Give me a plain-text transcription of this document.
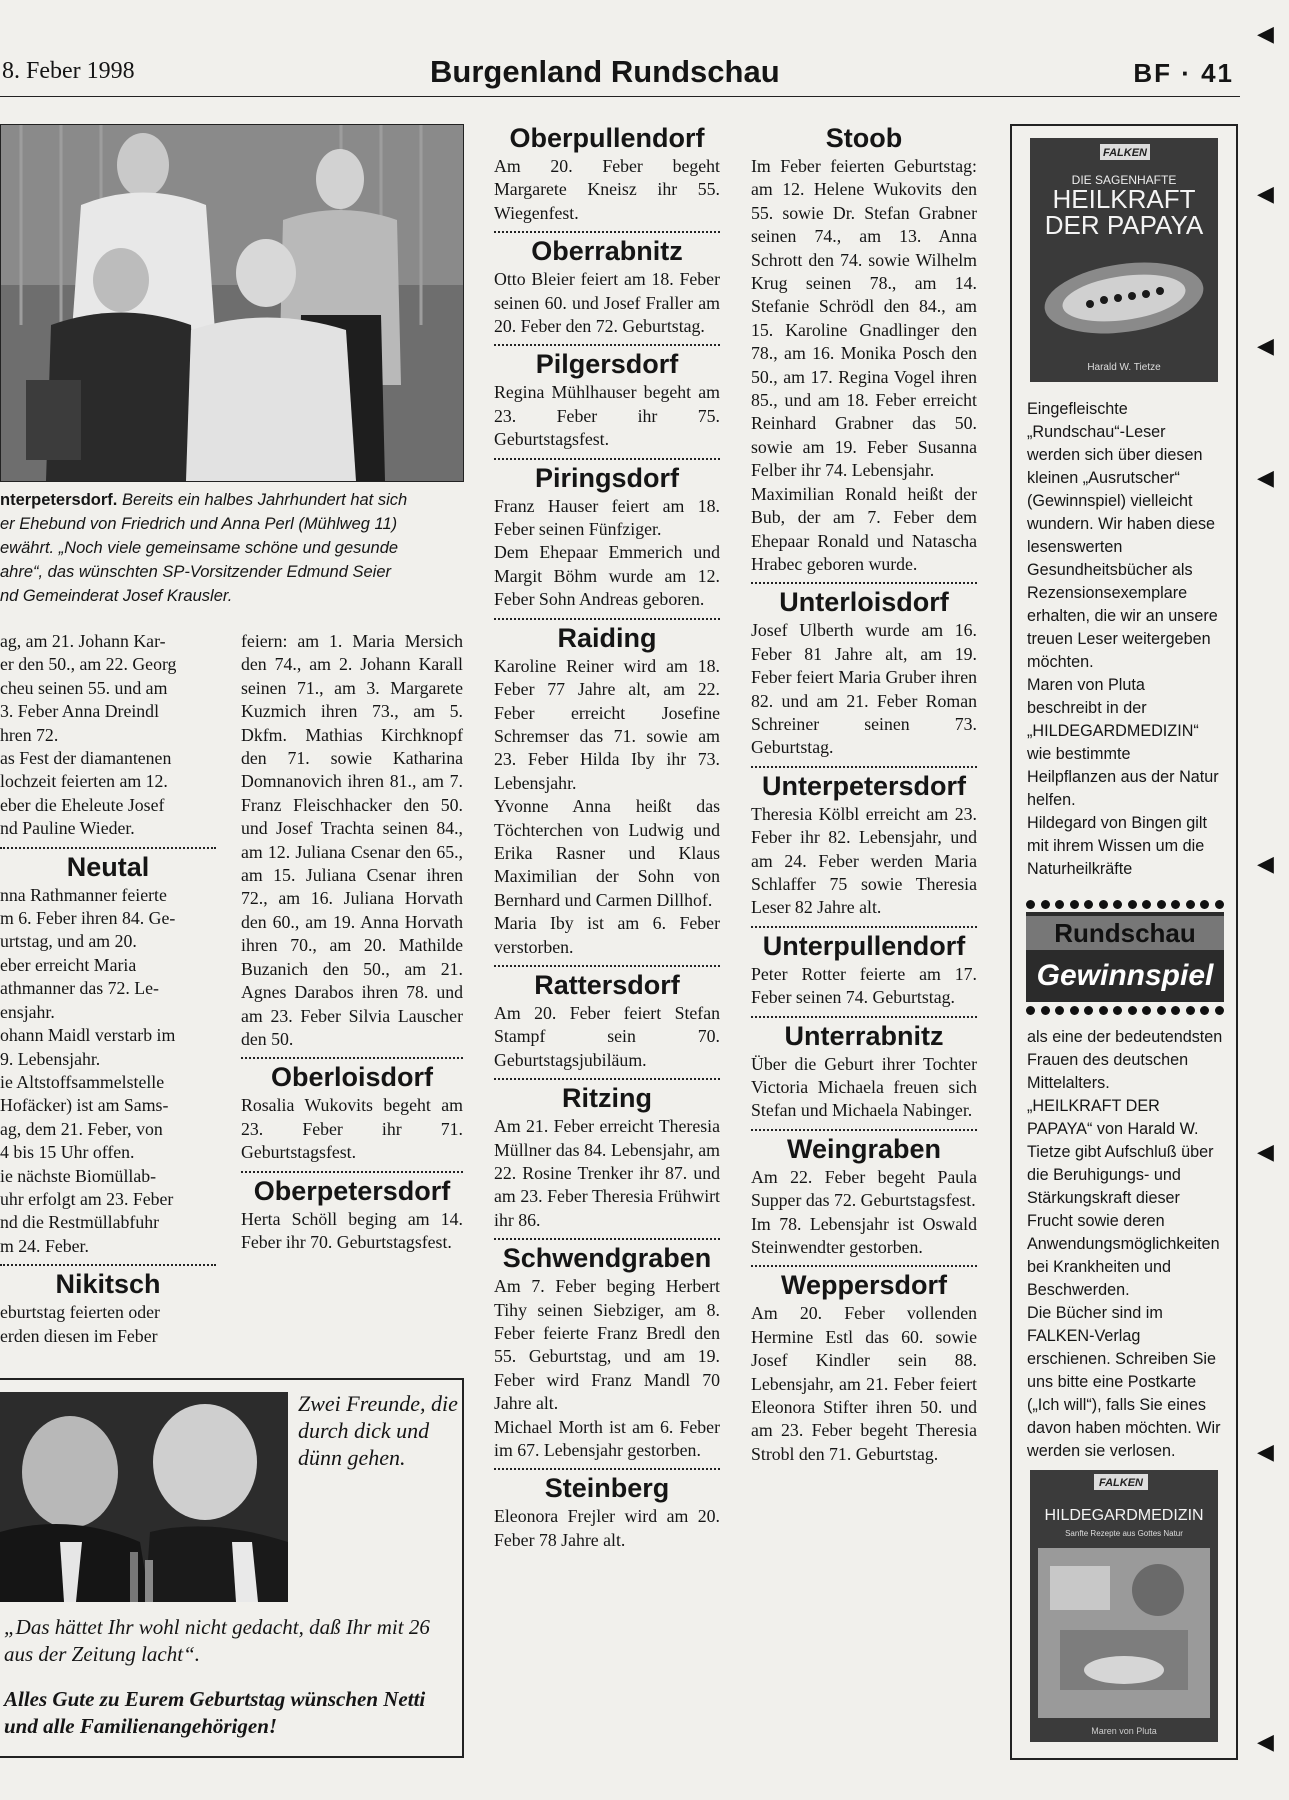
8. Feber 1998	Burgenland Rundschau	BF · 41
nterpetersdorf. Bereits ein halbes Jahrhundert hat sich
er Ehebund von Friedrich und Anna Perl (Mühlweg 11)
ewährt. „Noch viele gemeinsame schöne und gesunde
ahre“, das wünschten SP-Vorsitzender Edmund Seier
nd Gemeinderat Josef Krausler.

ag, am 21. Johann Kar-

er den 50., am 22. Georg

cheu seinen 55. und am

3. Feber Anna Dreindl

hren 72.

as Fest der diamantenen

lochzeit feierten am 12.

eber die Eheleute Josef

nd Pauline Wieder.

Neutal

nna Rathmanner feierte

m 6. Feber ihren 84. Ge-

urtstag, und am 20.

eber erreicht Maria

athmanner das 72. Le-

ensjahr.

ohann Maidl verstarb im

9. Lebensjahr.

ie Altstoffsammelstelle

Hofäcker) ist am Sams-

ag, dem 21. Feber, von

4 bis 15 Uhr offen.

ie nächste Biomüllab-

uhr erfolgt am 23. Feber

nd die Restmüllabfuhr

m 24. Feber.

Nikitsch

eburtstag feierten oder

erden diesen im Feber

feiern: am 1. Maria Mersich den 74., am 2. Johann Karall seinen 71., am 3. Margarete Kuzmich ihren 73., am 5. Dkfm. Mathias Kirchknopf den 71. sowie Katharina Domnanovich ihren 81., am 7. Franz Fleischhacker den 50. und Josef Trachta seinen 84., am 12. Juliana Csenar den 65., am 15. Juliana Csenar ihren 72., am 16. Juliana Horvath den 60., am 19. Anna Horvath ihren 70., am 20. Mathilde Buzanich den 50., am 21. Agnes Darabos ihren 78. und am 23. Feber Silvia Lauscher den 50.

Oberloisdorf

Rosalia Wukovits begeht am 23. Feber ihr 71. Geburtstagsfest.

Oberpetersdorf

Herta Schöll beging am 14. Feber ihr 70. Geburtstagsfest.

Oberpullendorf

Am 20. Feber begeht Margarete Kneisz ihr 55. Wiegenfest.

Oberrabnitz

Otto Bleier feiert am 18. Feber seinen 60. und Josef Fraller am 20. Feber den 72. Geburtstag.

Pilgersdorf

Regina Mühlhauser begeht am 23. Feber ihr 75. Geburtstagsfest.

Piringsdorf

Franz Hauser feiert am 18. Feber seinen Fünfziger.

Dem Ehepaar Emmerich und Margit Böhm wurde am 12. Feber Sohn Andreas geboren.

Raiding

Karoline Reiner wird am 18. Feber 77 Jahre alt, am 22. Feber erreicht Josefine Schremser das 71. sowie am 23. Feber Hilda Iby ihr 73. Lebensjahr.

Yvonne Anna heißt das Töchterchen von Ludwig und Erika Rasner und Klaus Maximilian der Sohn von Bernhard und Carmen Dillhof.

Maria Iby ist am 6. Feber verstorben.

Rattersdorf

Am 20. Feber feiert Stefan Stampf sein 70. Geburtstagsjubiläum.

Ritzing

Am 21. Feber erreicht Theresia Müllner das 84. Lebensjahr, am 22. Rosine Trenker ihr 87. und am 23. Feber Theresia Frühwirt ihr 86.

Schwendgraben

Am 7. Feber beging Herbert Tihy seinen Siebziger, am 8. Feber feierte Franz Bredl den 55. Geburtstag, und am 19. Feber wird Franz Mandl 70 Jahre alt.

Michael Morth ist am 6. Feber im 67. Lebensjahr gestorben.

Steinberg

Eleonora Frejler wird am 20. Feber 78 Jahre alt.

Stoob

Im Feber feierten Geburtstag: am 12. Helene Wukovits den 55. sowie Dr. Stefan Grabner seinen 74., am 13. Anna Schrott den 74. sowie Wilhelm Krug seinen 78., am 14. Stefanie Schrödl den 84., am 15. Karoline Gnadlinger den 78., am 16. Monika Posch den 50., am 17. Regina Vogel ihren 85., und am 18. Feber erreicht Reinhard Grabner das 50. sowie am 19. Feber Susanna Felber ihr 74. Lebensjahr.

Maximilian Ronald heißt der Bub, der am 7. Feber dem Ehepaar Ronald und Natascha Hrabec geboren wurde.

Unterloisdorf

Josef Ulberth wurde am 16. Feber 81 Jahre alt, am 19. Feber feiert Maria Gruber ihren 82. und am 21. Feber Roman Schreiner seinen 73. Geburtstag.

Unterpetersdorf

Theresia Kölbl erreicht am 23. Feber ihr 82. Lebensjahr, und am 24. Feber werden Maria Schlaffer 75 sowie Theresia Leser 82 Jahre alt.

Unterpullendorf

Peter Rotter feierte am 17. Feber seinen 74. Geburtstag.

Unterrabnitz

Über die Geburt ihrer Tochter Victoria Michaela freuen sich Stefan und Michaela Nabinger.

Weingraben

Am 22. Feber begeht Paula Supper das 72. Geburtstagsfest.

Im 78. Lebensjahr ist Oswald Steinwendter gestorben.

Weppersdorf

Am 20. Feber vollenden Hermine Estl das 60. sowie Josef Kindler sein 88. Lebensjahr, am 21. Feber feiert Eleonora Stifter ihren 50. und am 23. Feber begeht Theresia Strobl den 71. Geburtstag.

Zwei Freunde, die durch dick und dünn gehen.
„Das hättet Ihr wohl nicht gedacht, daß Ihr mit 26 aus der Zeitung lacht“.
Alles Gute zu Eurem Geburtstag wünschen Netti und alle Familienangehörigen!
FALKEN
DIE SAGENHAFTE
HEILKRAFT
DER PAPAYA
Harald W. Tietze

Eingefleischte „Rundschau“-Leser werden sich über diesen kleinen „Ausrutscher“ (Gewinnspiel) vielleicht wundern. Wir haben diese lesenswerten Gesundheitsbücher als Rezensionsexemplare erhalten, die wir an unsere treuen Leser weitergeben möchten.

Maren von Pluta beschreibt in der „HILDEGARDMEDIZIN“ wie bestimmte Heilpflanzen aus der Natur helfen.

Hildegard von Bingen gilt mit ihrem Wissen um die Naturheilkräfte

Rundschau
Gewinnspiel

als eine der bedeutendsten Frauen des deutschen Mittelalters.

„HEILKRAFT DER PAPAYA“ von Harald W. Tietze gibt Aufschluß über die Beruhigungs- und Stärkungskraft dieser Frucht sowie deren Anwendungsmöglichkeiten bei Krankheiten und Beschwerden.

Die Bücher sind im FALKEN-Verlag erschienen. Schreiben Sie uns bitte eine Postkarte („Ich will“), falls Sie eines davon haben möchten. Wir werden sie verlosen.

FALKEN
HILDEGARDMEDIZIN
Sanfte Rezepte aus Gottes Natur
Maren von Pluta
◀
◀
◀
◀
◀
◀
◀
◀
